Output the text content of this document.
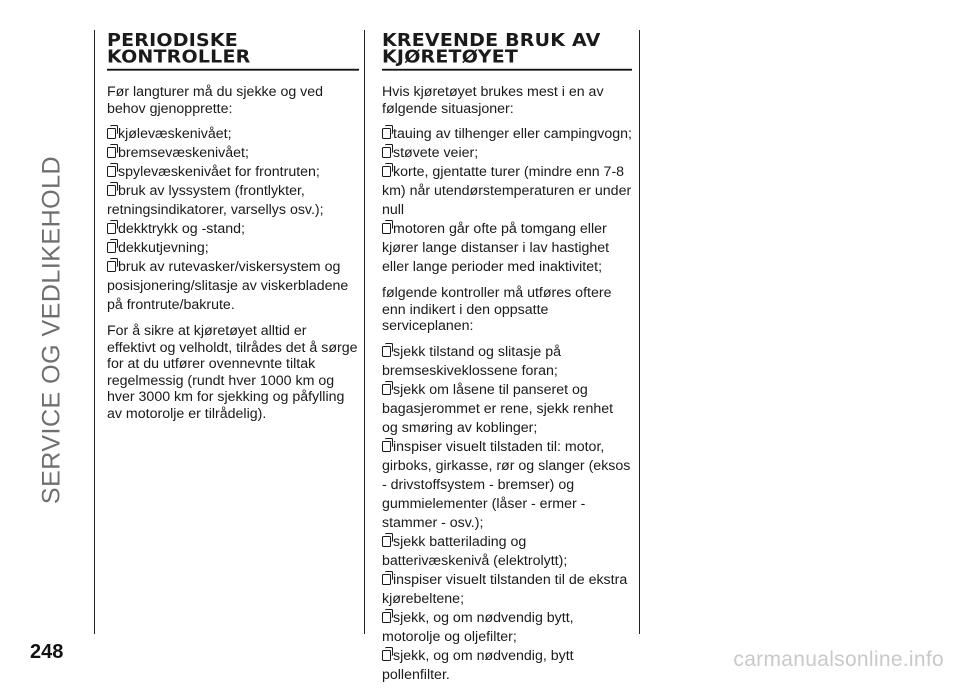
SERVICE OG VEDLIKEHOLD
PERIODISKE
KONTROLLER

Før langturer må du sjekke og ved behov gjenopprette:

kjølevæskenivået;
bremsevæskenivået;
spylevæskenivået for frontruten;
bruk av lyssystem (frontlykter, retningsindikatorer, varsellys osv.);
dekktrykk og -stand;
dekkutjevning;
bruk av rutevasker/viskersystem og posisjonering/slitasje av viskerbladene på frontrute/bakrute.

For å sikre at kjøretøyet alltid er effektivt og velholdt, tilrådes det å sørge for at du utfører ovennevnte tiltak regelmessig (rundt hver 1000 km og hver 3000 km for sjekking og påfylling av motorolje er tilrådelig).

KREVENDE BRUK AV
KJØRETØYET

Hvis kjøretøyet brukes mest i en av følgende situasjoner:

tauing av tilhenger eller campingvogn;
støvete veier;
korte, gjentatte turer (mindre enn 7-8 km) når utendørstemperaturen er under null
motoren går ofte på tomgang eller kjører lange distanser i lav hastighet eller lange perioder med inaktivitet;

følgende kontroller må utføres oftere enn indikert i den oppsatte serviceplanen:

sjekk tilstand og slitasje på bremseskiveklossene foran;
sjekk om låsene til panseret og bagasjerommet er rene, sjekk renhet og smøring av koblinger;
inspiser visuelt tilstaden til: motor, girboks, girkasse, rør og slanger (eksos - drivstoffsystem - bremser) og gummielementer (låser - ermer - stammer - osv.);
sjekk batterilading og batterivæskenivå (elektrolytt);
inspiser visuelt tilstanden til de ekstra kjørebeltene;
sjekk, og om nødvendig bytt, motorolje og oljefilter;
sjekk, og om nødvendig, bytt pollenfilter.
248	carmanualsonline.info
